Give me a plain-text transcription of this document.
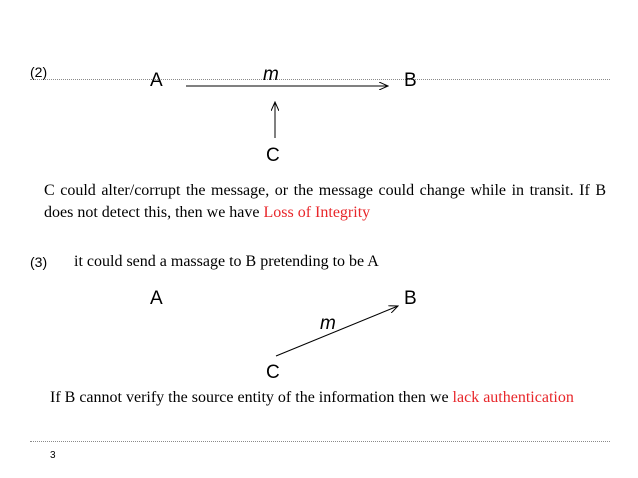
(2)	A	m	B
C
C could alter/corrupt the message, or the message could change while in transit. If B does not detect this, then we have Loss of Integrity
(3) it could send a massage to B pretending to be A
A	B
m
C
If B cannot verify the source entity of the information then we lack authentication
3
